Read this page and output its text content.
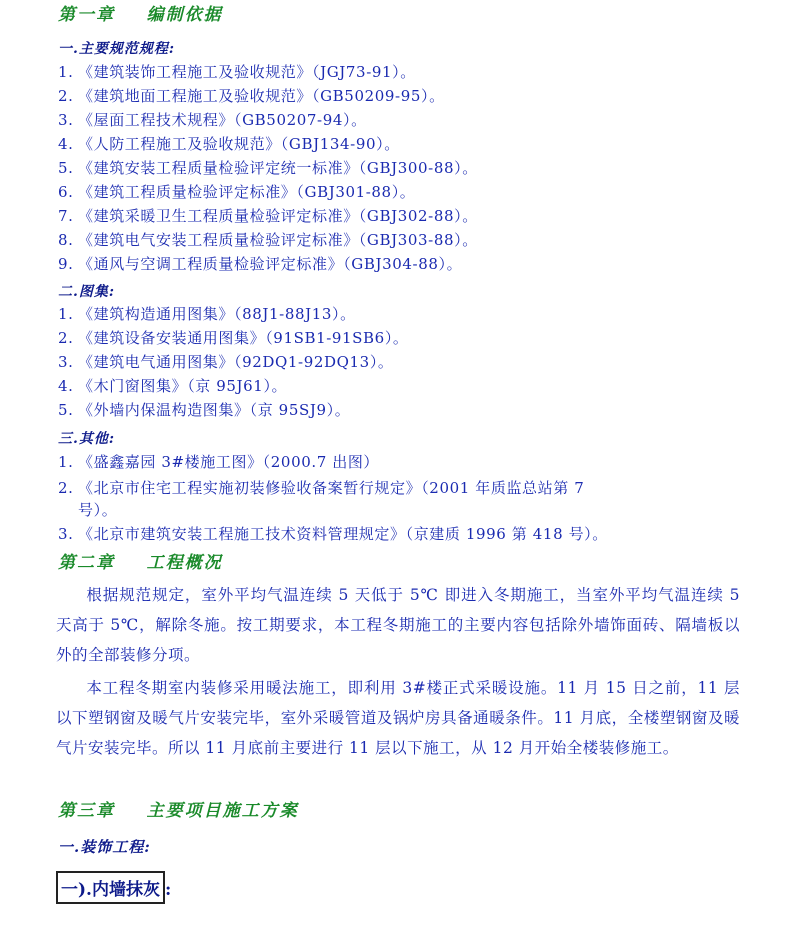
第一章    编制依据
一.主要规范规程:
1. 《建筑装饰工程施工及验收规范》（JGJ73-91）。
2. 《建筑地面工程施工及验收规范》（GB50209-95）。
3. 《屋面工程技术规程》（GB50207-94）。
4. 《人防工程施工及验收规范》（GBJ134-90）。
5. 《建筑安装工程质量检验评定统一标准》（GBJ300-88）。
6. 《建筑工程质量检验评定标准》（GBJ301-88）。
7. 《建筑采暖卫生工程质量检验评定标准》（GBJ302-88）。
8. 《建筑电气安装工程质量检验评定标准》（GBJ303-88）。
9. 《通风与空调工程质量检验评定标准》（GBJ304-88）。
二.图集:
1. 《建筑构造通用图集》（88J1-88J13）。
2. 《建筑设备安装通用图集》（91SB1-91SB6）。
3. 《建筑电气通用图集》（92DQ1-92DQ13）。
4. 《木门窗图集》（京 95J61）。
5. 《外墙内保温构造图集》（京 95SJ9）。
三.其他:
1. 《盛鑫嘉园 3#楼施工图》（2000.7 出图）
2. 《北京市住宅工程实施初装修验收备案暂行规定》（2001 年质监总站第 7
号）。
3. 《北京市建筑安装工程施工技术资料管理规定》（京建质 1996 第 418 号）。
第二章    工程概况
根据规范规定，室外平均气温连续 5 天低于 5℃ 即进入冬期施工，当室外平均气温连续 5 天高于 5℃，解除冬施。按工期要求，本工程冬期施工的主要内容包括除外墙饰面砖、隔墙板以外的全部装修分项。
本工程冬期室内装修采用暖法施工，即利用 3#楼正式采暖设施。11 月 15 日之前，11 层以下塑钢窗及暖气片安装完毕，室外采暖管道及锅炉房具备通暖条件。11 月底，全楼塑钢窗及暖气片安装完毕。所以 11 月底前主要进行 11 层以下施工，从 12 月开始全楼装修施工。
第三章    主要项目施工方案
一.装饰工程:
一).内墙抹灰 :
